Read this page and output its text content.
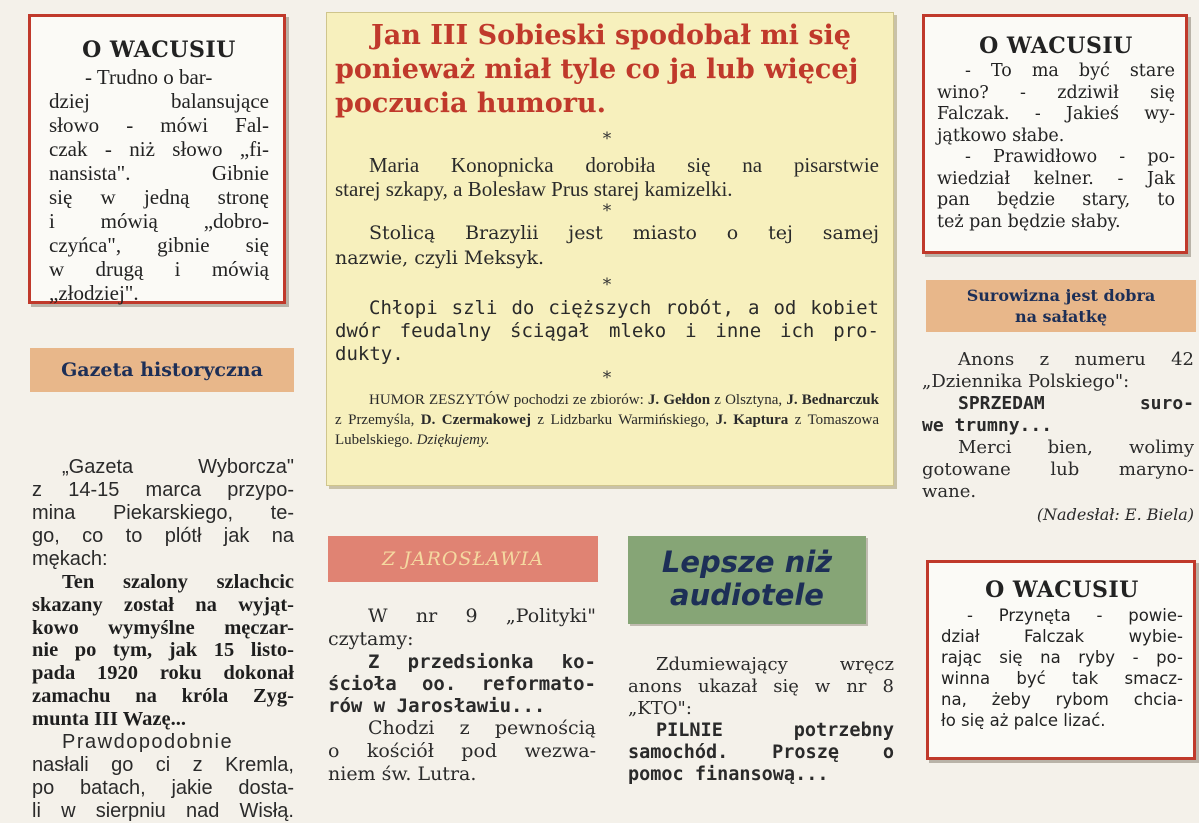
O WACUSIU

- Trudno o bar-
dziej balansujące
słowo - mówi Fal-
czak - niż słowo „fi-
nansista". Gibnie
się w jedną stronę
i mówią „dobro-
czyńca", gibnie się
w drugą i mówią
„złodziej".
Gazeta historyczna
„Gazeta Wyborcza"
z 14-15 marca przypo-
mina Piekarskiego, te-
go, co to plótł jak na
mękach:
Ten szalony szlachcic
skazany został na wyjąt-
kowo wymyślne męczar-
nie po tym, jak 15 listo-
pada 1920 roku dokonał
zamachu na króla Zyg-
munta III Wazę...
Prawdopodobnie
nasłali go ci z Kremla,
po batach, jakie dosta-
li w sierpniu nad Wisłą.
Jan III Sobieski spodobał mi się
ponieważ miał tyle co ja lub więcej
poczucia humoru.
*
Maria Konopnicka dorobiła się na pisarstwie
starej szkapy, a Bolesław Prus starej kamizelki.
*
Stolicą Brazylii jest miasto o tej samej
nazwie, czyli Meksyk.
*
Chłopi szli do cięższych robót, a od kobiet
dwór feudalny ściągał mleko i inne ich pro-
dukty.
*
HUMOR ZESZYTÓW pochodzi ze zbiorów: J. Gełdon z Olsztyna, J. Bednarczuk z Przemyśla, D. Czermakowej z Lidzbarku Warmińskiego, J. Kaptura z Tomaszowa Lubelskiego. Dziękujemy.
Z JAROSŁAWIA
W nr 9 „Polityki"
czytamy:
Z przedsionka ko-
ścioła oo. reformato-
rów w Jarosławiu...
Chodzi z pewnością
o kościół pod wezwa-
niem św. Lutra.
Lepsze niż
audiotele
Zdumiewający wręcz
anons ukazał się w nr 8
„KTO":
PILNIE potrzebny
samochód. Proszę o
pomoc finansową...

O WACUSIU

- To ma być stare
wino? - zdziwił się
Falczak. - Jakieś wy-
jątkowo słabe.
- Prawidłowo - po-
wiedział kelner. - Jak
pan będzie stary, to
też pan będzie słaby.
Surowizna jest dobra
na sałatkę
Anons z numeru 42
„Dziennika Polskiego":
SPRZEDAM suro-
we trumny...
Merci bien, wolimy
gotowane lub maryno-
wane.
(Nadesłał: E. Biela)

O WACUSIU

- Przynęta - powie-
dział Falczak wybie-
rając się na ryby - po-
winna być tak smacz-
na, żeby rybom chcia-
ło się aż palce lizać.
